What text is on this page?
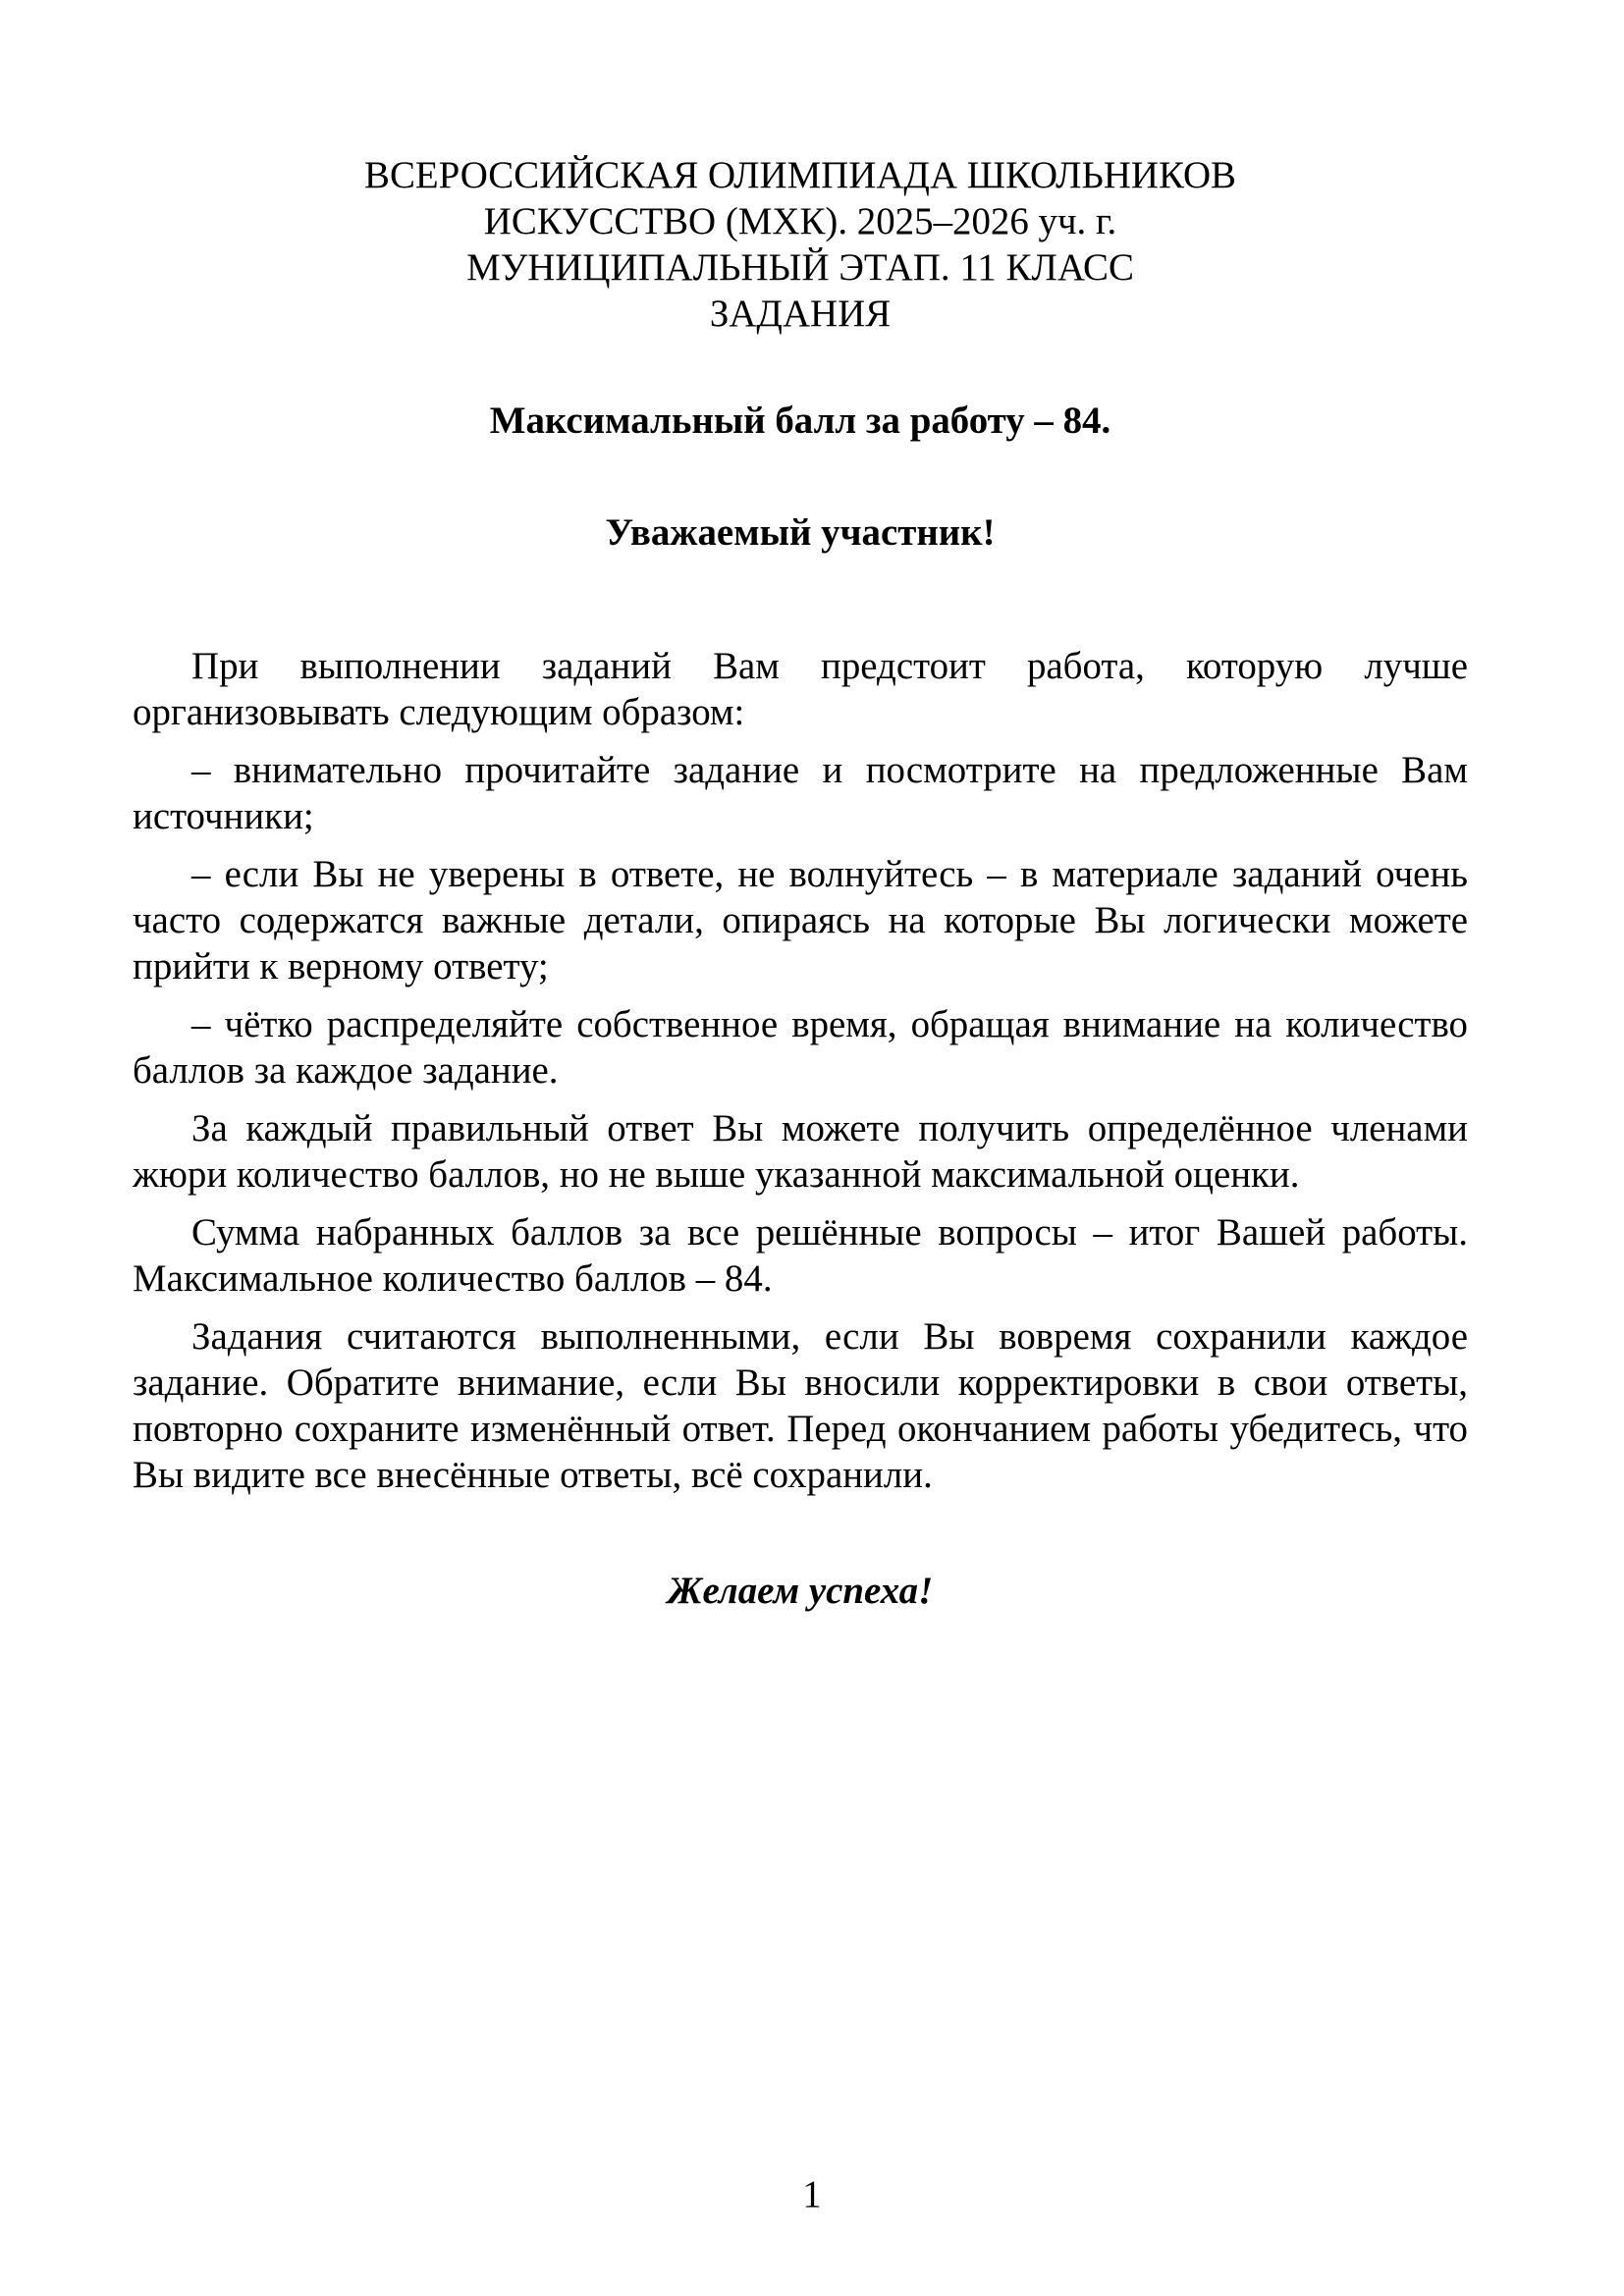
ВСЕРОССИЙСКАЯ ОЛИМПИАДА ШКОЛЬНИКОВ
ИСКУССТВО (МХК). 2025–2026 уч. г.
МУНИЦИПАЛЬНЫЙ ЭТАП. 11 КЛАСС
ЗАДАНИЯ
Максимальный балл за работу – 84.
Уважаемый участник!

При выполнении заданий Вам предстоит работа, которую лучше организовывать следующим образом:

– внимательно прочитайте задание и посмотрите на предложенные Вам источники;

– если Вы не уверены в ответе, не волнуйтесь – в материале заданий очень часто содержатся важные детали, опираясь на которые Вы логически можете прийти к верному ответу;

– чётко распределяйте собственное время, обращая внимание на количество баллов за каждое задание.

За каждый правильный ответ Вы можете получить определённое членами жюри количество баллов, но не выше указанной максимальной оценки.

Сумма набранных баллов за все решённые вопросы – итог Вашей работы. Максимальное количество баллов – 84.

Задания считаются выполненными, если Вы вовремя сохранили каждое задание. Обратите внимание, если Вы вносили корректировки в свои ответы, повторно сохраните изменённый ответ. Перед окончанием работы убедитесь, что Вы видите все внесённые ответы, всё сохранили.

Желаем успеха!
1
